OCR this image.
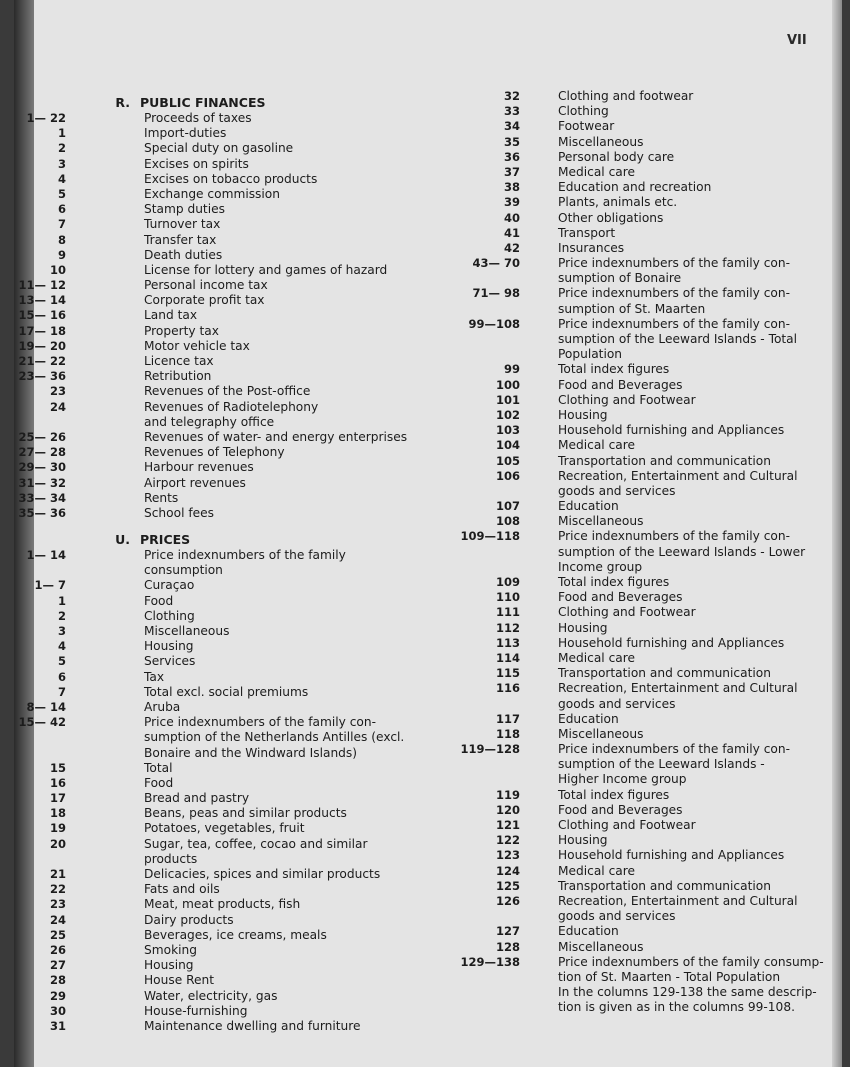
VII
R. PUBLIC FINANCES
1— 22	Proceeds of taxes
1	Import-duties
2	Special duty on gasoline
3	Excises on spirits
4	Excises on tobacco products
5	Exchange commission
6	Stamp duties
7	Turnover tax
8	Transfer tax
9	Death duties
10	License for lottery and games of hazard
11— 12	Personal income tax
13— 14	Corporate profit tax
15— 16	Land tax
17— 18	Property tax
19— 20	Motor vehicle tax
21— 22	Licence tax
23— 36	Retribution
23	Revenues of the Post-office
24	Revenues of Radiotelephony
and telegraphy office
25— 26	Revenues of water- and energy enterprises
27— 28	Revenues of Telephony
29— 30	Harbour revenues
31— 32	Airport revenues
33— 34	Rents
35— 36	School fees
U. PRICES
1— 14	Price indexnumbers of the family
consumption
1— 7	Curaçao
1	Food
2	Clothing
3	Miscellaneous
4	Housing
5	Services
6	Tax
7	Total excl. social premiums
8— 14	Aruba
15— 42	Price indexnumbers of the family con-
sumption of the Netherlands Antilles (excl.
Bonaire and the Windward Islands)
15	Total
16	Food
17	Bread and pastry
18	Beans, peas and similar products
19	Potatoes, vegetables, fruit
20	Sugar, tea, coffee, cocao and similar
products
21	Delicacies, spices and similar products
22	Fats and oils
23	Meat, meat products, fish
24	Dairy products
25	Beverages, ice creams, meals
26	Smoking
27	Housing
28	House Rent
29	Water, electricity, gas
30	House-furnishing
31	Maintenance dwelling and furniture
32	Clothing and footwear
33	Clothing
34	Footwear
35	Miscellaneous
36	Personal body care
37	Medical care
38	Education and recreation
39	Plants, animals etc.
40	Other obligations
41	Transport
42	Insurances
43— 70	Price indexnumbers of the family con-
sumption of Bonaire
71— 98	Price indexnumbers of the family con-
sumption of St. Maarten
99—108	Price indexnumbers of the family con-
sumption of the Leeward Islands - Total
Population
99	Total index figures
100	Food and Beverages
101	Clothing and Footwear
102	Housing
103	Household furnishing and Appliances
104	Medical care
105	Transportation and communication
106	Recreation, Entertainment and Cultural
goods and services
107	Education
108	Miscellaneous
109—118	Price indexnumbers of the family con-
sumption of the Leeward Islands - Lower
Income group
109	Total index figures
110	Food and Beverages
111	Clothing and Footwear
112	Housing
113	Household furnishing and Appliances
114	Medical care
115	Transportation and communication
116	Recreation, Entertainment and Cultural
goods and services
117	Education
118	Miscellaneous
119—128	Price indexnumbers of the family con-
sumption of the Leeward Islands -
Higher Income group
119	Total index figures
120	Food and Beverages
121	Clothing and Footwear
122	Housing
123	Household furnishing and Appliances
124	Medical care
125	Transportation and communication
126	Recreation, Entertainment and Cultural
goods and services
127	Education
128	Miscellaneous
129—138	Price indexnumbers of the family consump-
tion of St. Maarten - Total Population
In the columns 129-138 the same descrip-
tion is given as in the columns 99-108.
